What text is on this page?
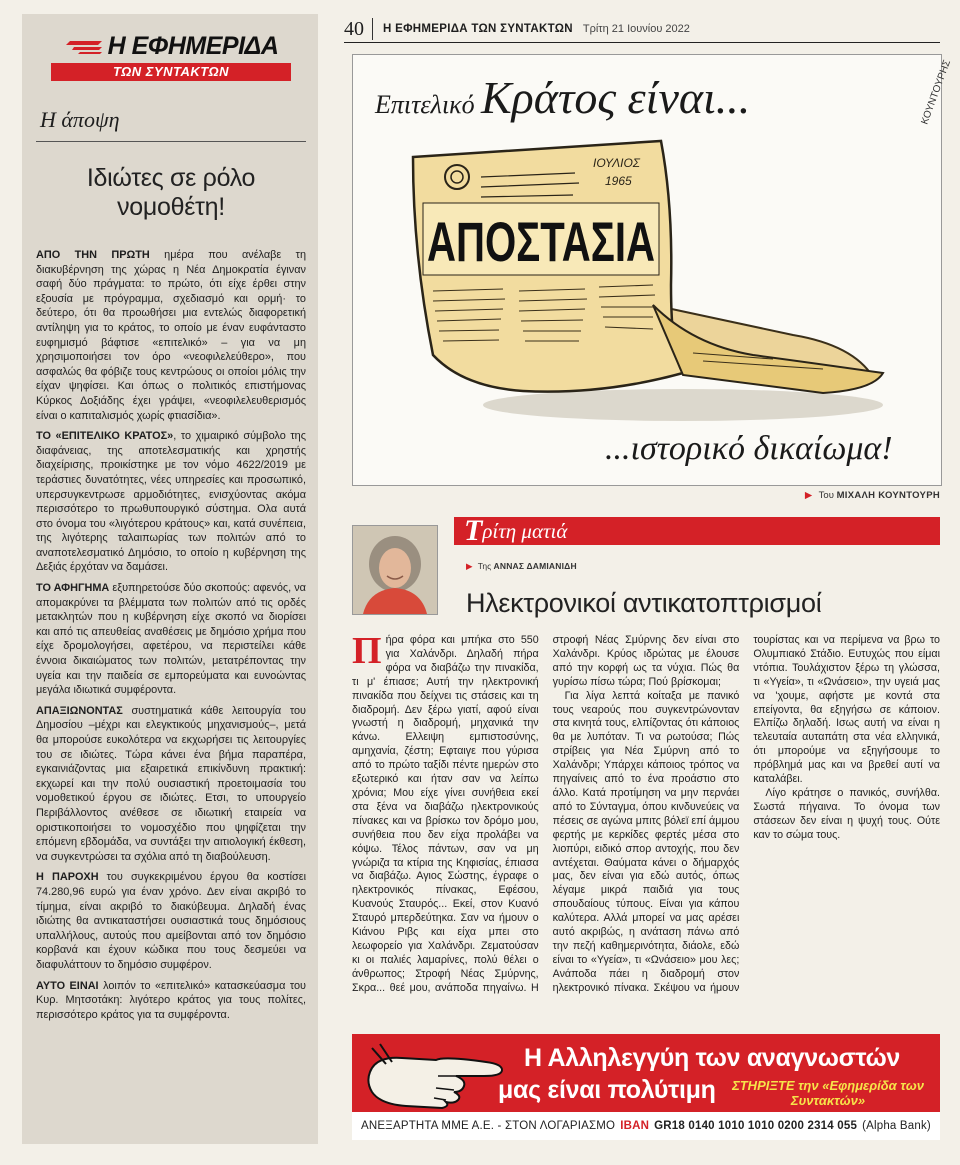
Η ΕΦΗΜΕΡΙΔΑ
ΤΩΝ ΣΥΝΤΑΚΤΩΝ
Η άποψη
Ιδιώτες σε ρόλο νομοθέτη!

ΑΠΟ ΤΗΝ ΠΡΩΤΗ ημέρα που ανέλαβε τη διακυβέρνηση της χώρας η Νέα Δημοκρατία έγιναν σαφή δύο πράγματα: το πρώτο, ότι είχε έρθει στην εξουσία με πρόγραμμα, σχεδιασμό και ορμή· το δεύτερο, ότι θα προωθήσει μια εντελώς διαφορετική αντίληψη για το κράτος, το οποίο με έναν ευφάνταστο ευφημισμό βάφτισε «επιτελικό» – για να μη χρησιμοποιήσει τον όρο «νεοφιλελεύθερο», που ασφαλώς θα φόβιζε τους κεντρώους οι οποίοι μόλις την είχαν ψηφίσει. Και όπως ο πολιτικός επιστήμονας Κύρκος Δοξιάδης έχει γράψει, «νεοφιλελευθερισμός είναι ο καπιταλισμός χωρίς φτιασίδια».

ΤΟ «ΕΠΙΤΕΛΙΚΟ ΚΡΑΤΟΣ», το χιμαιρικό σύμβολο της διαφάνειας, της αποτελεσματικής και χρηστής διαχείρισης, προικίστηκε με τον νόμο 4622/2019 με τεράστιες δυνατότητες, νέες υπηρεσίες και προσωπικό, υπερσυγκεντρωσε αρμοδιότητες, ενισχύοντας ακόμα περισσότερο το πρωθυπουργικό σύστημα. Ολα αυτά στο όνομα του «λιγότερου κράτους» και, κατά συνέπεια, της λιγότερης ταλαιπωρίας των πολιτών από το αναποτελεσματικό Δημόσιο, το οποίο η κυβέρνηση της Δεξιάς έρχόταν να δαμάσει.

ΤΟ ΑΦΗΓΗΜΑ εξυπηρετούσε δύο σκοπούς: αφενός, να απομακρύνει τα βλέμματα των πολιτών από τις ορδές μετακλητών που η κυβέρνηση είχε σκοπό να διορίσει και από τις απευθείας αναθέσεις με δημόσιο χρήμα που είχε δρομολογήσει, αφετέρου, να περιστείλει κάθε έννοια δικαιώματος των πολιτών, μετατρέποντας την υγεία και την παιδεία σε εμπορεύματα και ευνοώντας μεγάλα ιδιωτικά συμφέροντα.

ΑΠΑΞΙΩΝΟΝΤΑΣ συστηματικά κάθε λειτουργία του Δημοσίου –μέχρι και ελεγκτικούς μηχανισμούς–, μετά θα μπορούσε ευκολότερα να εκχωρήσει τις λειτουργίες του σε ιδιώτες. Τώρα κάνει ένα βήμα παραπέρα, εγκαινιάζοντας μια εξαιρετικά επικίνδυνη πρακτική: εκχωρεί και την πολύ ουσιαστική προετοιμασία του νομοθετικού έργου σε ιδιώτες. Ετσι, το υπουργείο Περιβάλλοντος ανέθεσε σε ιδιωτική εταιρεία να οριστικοποιήσει το νομοσχέδιο που ψηφίζεται την επόμενη εβδομάδα, να συντάξει την αιτιολογική έκθεση, να συγκεντρώσει τα σχόλια από τη διαβούλευση.

Η ΠΑΡΟΧΗ του συγκεκριμένου έργου θα κοστίσει 74.280,96 ευρώ για έναν χρόνο. Δεν είναι ακριβό το τίμημα, είναι ακριβό το διακύβευμα. Δηλαδή ένας ιδιώτης θα αντικαταστήσει ουσιαστικά τους δημόσιους υπαλλήλους, αυτούς που αμείβονται από τον δημόσιο κορβανά και έχουν κώδικα που τους δεσμεύει να διαφυλάττουν το δημόσιο συμφέρον.

ΑΥΤΟ ΕΙΝΑΙ λοιπόν το «επιτελικό» κατασκεύασμα του Κυρ. Μητσοτάκη: λιγότερο κράτος για τους πολίτες, περισσότερο κράτος για τα συμφέροντα.

40	Η ΕΦΗΜΕΡΙΔΑ ΤΩΝ ΣΥΝΤΑΚΤΩΝ Τρίτη 21 Ιουνίου 2022
Επιτελικό Κράτος είναι...	ΚΟΥΝΤΟΥΡΗΣ
ΙΟΥΛΙΟΣ
1965
ΑΠΟΣΤΑΣΙΑ
...ιστορικό δικαίωμα!
▶ Του ΜΙΧΑΛΗ ΚΟΥΝΤΟΥΡΗ
Τ ρίτη ματιά
▶ Της ΑΝΝΑΣ ΔΑΜΙΑΝΙΔΗ
Ηλεκτρονικοί αντικατοπτρισμοί

Πήρα φόρα και μπήκα στο 550 για Χαλάνδρι. Δηλαδή πήρα φόρα να διαβάζω την πινακίδα, τι μ' έπιασε; Αυτή την ηλεκτρονική πινακίδα που δείχνει τις στάσεις και τη διαδρομή. Δεν ξέρω γιατί, αφού είναι γνωστή η διαδρομή, μηχανικά την κάνω. Ελλειψη εμπιστοσύνης, αμηχανία, ζέστη; Εφταιγε που γύρισα από το πρώτο ταξίδι πέντε ημερών στο εξωτερικό και ήταν σαν να λείπω χρόνια; Μου είχε γίνει συνήθεια εκεί στα ξένα να διαβάζω ηλεκτρονικούς πίνακες και να βρίσκω τον δρόμο μου, συνήθεια που δεν είχα προλάβει να κόψω. Τέλος πάντων, σαν να μη γνώριζα τα κτίρια της Κηφισίας, έπιασα να διαβάζω. Αγιος Σώστης, έγραφε ο ηλεκτρονικός πίνακας, Εφέσου, Κυανούς Σταυρός... Εκεί, στον Κυανό Σταυρό μπερδεύτηκα. Σαν να ήμουν ο Κιάνου Ριβς και είχα μπει στο λεωφορείο για Χαλάνδρι. Ζεματούσαν κι οι παλιές λαμαρίνες, πολύ θέλει ο άνθρωπος; Στροφή Νέας Σμύρνης, Σκρα... θεέ μου, ανάποδα πηγαίνω. Η στροφή Νέας Σμύρνης δεν είναι στο Χαλάνδρι. Κρύος ιδρώτας με έλουσε από την κορφή ως τα νύχια. Πώς θα γυρίσω πίσω τώρα; Πού βρίσκομαι;

Για λίγα λεπτά κοίταξα με πανικό τους νεαρούς που συγκεντρώνονταν στα κινητά τους, ελπίζοντας ότι κάποιος θα με λυπόταν. Τι να ρωτούσα; Πώς στρίβεις για Νέα Σμύρνη από το Χαλάνδρι; Υπάρχει κάποιος τρόπος να πηγαίνεις από το ένα προάστιο στο άλλο. Κατά προτίμηση να μην περνάει από το Σύνταγμα, όπου κινδυνεύεις να πέσεις σε αγώνα μπιτς βόλεϊ επί άμμου φερτής με κερκίδες φερτές μέσα στο λιοπύρι, ειδικό σπορ αντοχής, που δεν αντέχεται. Θαύματα κάνει ο δήμαρχός μας, δεν είναι για εδώ αυτός, όπως λέγαμε μικρά παιδιά για τους σπουδαίους τύπους. Είναι για κάπου καλύτερα. Αλλά μπορεί να μας αρέσει αυτό ακριβώς, η ανάταση πάνω από την πεζή καθημερινότητα, διάολε, εδώ είναι το «Υγεία», τι «Ωνάσειο» μου λες; Ανάποδα πάει η διαδρομή στον ηλεκτρονικό πίνακα. Σκέψου να ήμουν τουρίστας και να περίμενα να βρω το Ολυμπιακό Στάδιο. Ευτυχώς που είμαι ντόπια. Τουλάχιστον ξέρω τη γλώσσα, τι «Υγεία», τι «Ωνάσειο», την υγειά μας να 'χουμε, αφήστε με κοντά στα επείγοντα, θα εξηγήσω σε κάποιον. Ελπίζω δηλαδή. Ισως αυτή να είναι η τελευταία αυταπάτη στα νέα ελληνικά, ότι μπορούμε να εξηγήσουμε το πρόβλημά μας και να βρεθεί αυτί να καταλάβει.

Λίγο κράτησε ο πανικός, συνήλθα. Σωστά πήγαινα. Το όνομα των στάσεων δεν είναι η ψυχή τους. Ούτε καν το σώμα τους.

Η Αλληλεγγύη των αναγνωστών
μας είναι πολύτιμη	ΣΤΗΡΙΞΤΕ την «Εφημερίδα των Συντακτών»
ΑΝΕΞΑΡΤΗΤΑ ΜΜΕ Α.Ε. - ΣΤΟΝ ΛΟΓΑΡΙΑΣΜΟ IBAN GR18 0140 1010 1010 0200 2314 055 (Alpha Bank)
